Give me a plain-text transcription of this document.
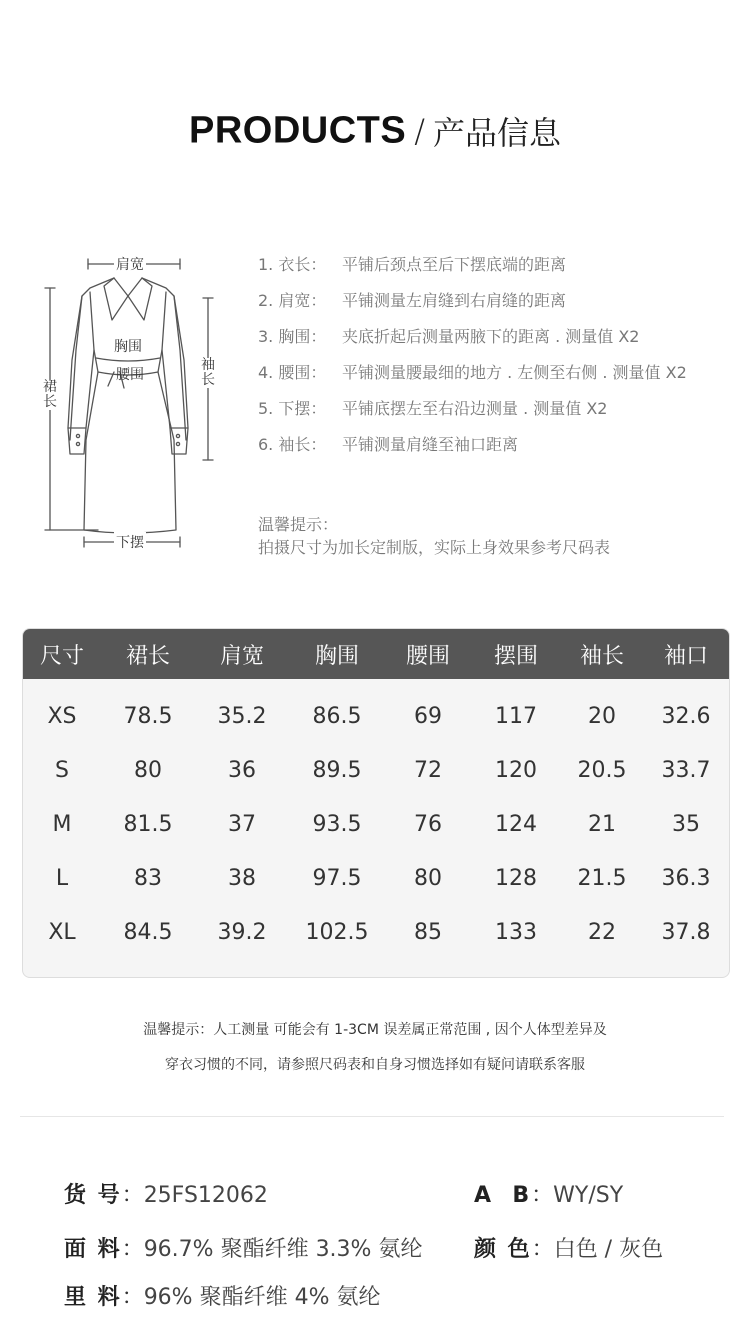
PRODUCTS / 产品信息
肩宽
胸围
腰围
袖长
裙长
下摆
1. 衣长： 平铺后颈点至后下摆底端的距离
2. 肩宽： 平铺测量左肩缝到右肩缝的距离
3. 胸围： 夹底折起后测量两腋下的距离 . 测量值 X2
4. 腰围： 平铺测量腰最细的地方 . 左侧至右侧 . 测量值 X2
5. 下摆： 平铺底摆左至右沿边测量 . 测量值 X2
6. 袖长： 平铺测量肩缝至袖口距离
温馨提示：
拍摄尺寸为加长定制版，实际上身效果参考尺码表
尺寸	裙长	肩宽	胸围	腰围	摆围	袖长	袖口
XS	78.5	35.2	86.5	69	117	20	32.6
S	80	36	89.5	72	120	20.5	33.7
M	81.5	37	93.5	76	124	21	35
L	83	38	97.5	80	128	21.5	36.3
XL	84.5	39.2	102.5	85	133	22	37.8
温馨提示：人工测量 可能会有 1-3CM 误差属正常范围 , 因个人体型差异及
穿衣习惯的不同，请参照尺码表和自身习惯选择如有疑问请联系客服
货 号：25FS12062	A  B：WY/SY
面 料：96.7% 聚酯纤维 3.3% 氨纶 颜 色：白色 / 灰色
里 料：96% 聚酯纤维 4% 氨纶
